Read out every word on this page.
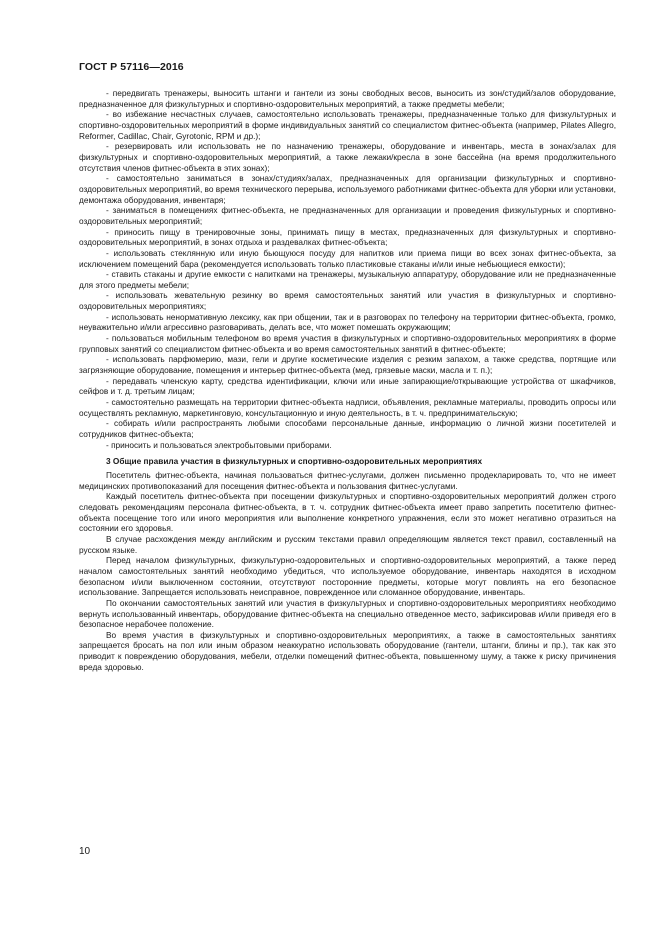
ГОСТ Р 57116—2016

- передвигать тренажеры, выносить штанги и гантели из зоны свободных весов, выносить из зон/студий/залов оборудование, предназначенное для физкультурных и спортивно-оздоровительных мероприятий, а также предметы мебели;

- во избежание несчастных случаев, самостоятельно использовать тренажеры, предназначенные только для физкультурных и спортивно-оздоровительных мероприятий в форме индивидуальных занятий со специалистом фитнес-объекта (например, Pilates Allegro, Reformer, Cadillac, Chair, Gyrotonic, RPM и др.);

- резервировать или использовать не по назначению тренажеры, оборудование и инвентарь, места в зонах/залах для физкультурных и спортивно-оздоровительных мероприятий, а также лежаки/кресла в зоне бассейна (на время продолжительного отсутствия членов фитнес-объекта в этих зонах);

- самостоятельно заниматься в зонах/студиях/залах, предназначенных для организации физкультурных и спортивно-оздоровительных мероприятий, во время технического перерыва, используемого работниками фитнес-объекта для уборки или установки, демонтажа оборудования, инвентаря;

- заниматься в помещениях фитнес-объекта, не предназначенных для организации и проведения физкультурных и спортивно-оздоровительных мероприятий;

- приносить пищу в тренировочные зоны, принимать пищу в местах, предназначенных для физкультурных и спортивно-оздоровительных мероприятий, в зонах отдыха и раздевалках фитнес-объекта;

- использовать стеклянную или иную бьющуюся посуду для напитков или приема пищи во всех зонах фитнес-объекта, за исключением помещений бара (рекомендуется использовать только пластиковые стаканы и/или иные небьющиеся емкости);

- ставить стаканы и другие емкости с напитками на тренажеры, музыкальную аппаратуру, оборудование или не предназначенные для этого предметы мебели;

- использовать жевательную резинку во время самостоятельных занятий или участия в физкультурных и спортивно-оздоровительных мероприятиях;

- использовать ненормативную лексику, как при общении, так и в разговорах по телефону на территории фитнес-объекта, громко, неуважительно и/или агрессивно разговаривать, делать все, что может помешать окружающим;

- пользоваться мобильным телефоном во время участия в физкультурных и спортивно-оздоровительных мероприятиях в форме групповых занятий со специалистом фитнес-объекта и во время самостоятельных занятий в фитнес-объекте;

- использовать парфюмерию, мази, гели и другие косметические изделия с резким запахом, а также средства, портящие или загрязняющие оборудование, помещения и интерьер фитнес-объекта (мед, грязевые маски, масла и т. п.);

- передавать членскую карту, средства идентификации, ключи или иные запирающие/открывающие устройства от шкафчиков, сейфов и т. д. третьим лицам;

- самостоятельно размещать на территории фитнес-объекта надписи, объявления, рекламные материалы, проводить опросы или осуществлять рекламную, маркетинговую, консультационную и иную деятельность, в т. ч. предпринимательскую;

- собирать и/или распространять любыми способами персональные данные, информацию о личной жизни посетителей и сотрудников фитнес-объекта;

- приносить и пользоваться электробытовыми приборами.

3 Общие правила участия в физкультурных и спортивно-оздоровительных мероприятиях

Посетитель фитнес-объекта, начиная пользоваться фитнес-услугами, должен письменно продекларировать то, что не имеет медицинских противопоказаний для посещения фитнес-объекта и пользования фитнес-услугами.

Каждый посетитель фитнес-объекта при посещении физкультурных и спортивно-оздоровительных мероприятий должен строго следовать рекомендациям персонала фитнес-объекта, в т. ч. сотрудник фитнес-объекта имеет право запретить посетителю фитнес-объекта посещение того или иного мероприятия или выполнение конкретного упражнения, если это может негативно отразиться на состоянии его здоровья.

В случае расхождения между английским и русским текстами правил определяющим является текст правил, составленный на русском языке.

Перед началом физкультурных, физкультурно-оздоровительных и спортивно-оздоровительных мероприятий, а также перед началом самостоятельных занятий необходимо убедиться, что используемое оборудование, инвентарь находятся в исходном безопасном и/или выключенном состоянии, отсутствуют посторонние предметы, которые могут повлиять на его безопасное использование. Запрещается использовать неисправное, поврежденное или сломанное оборудование, инвентарь.

По окончании самостоятельных занятий или участия в физкультурных и спортивно-оздоровительных мероприятиях необходимо вернуть использованный инвентарь, оборудование фитнес-объекта на специально отведенное место, зафиксировав и/или приведя его в безопасное нерабочее положение.

Во время участия в физкультурных и спортивно-оздоровительных мероприятиях, а также в самостоятельных занятиях запрещается бросать на пол или иным образом неаккуратно использовать оборудование (гантели, штанги, блины и пр.), так как это приводит к повреждению оборудования, мебели, отделки помещений фитнес-объекта, повышенному шуму, а также к риску причинения вреда здоровью.

10
